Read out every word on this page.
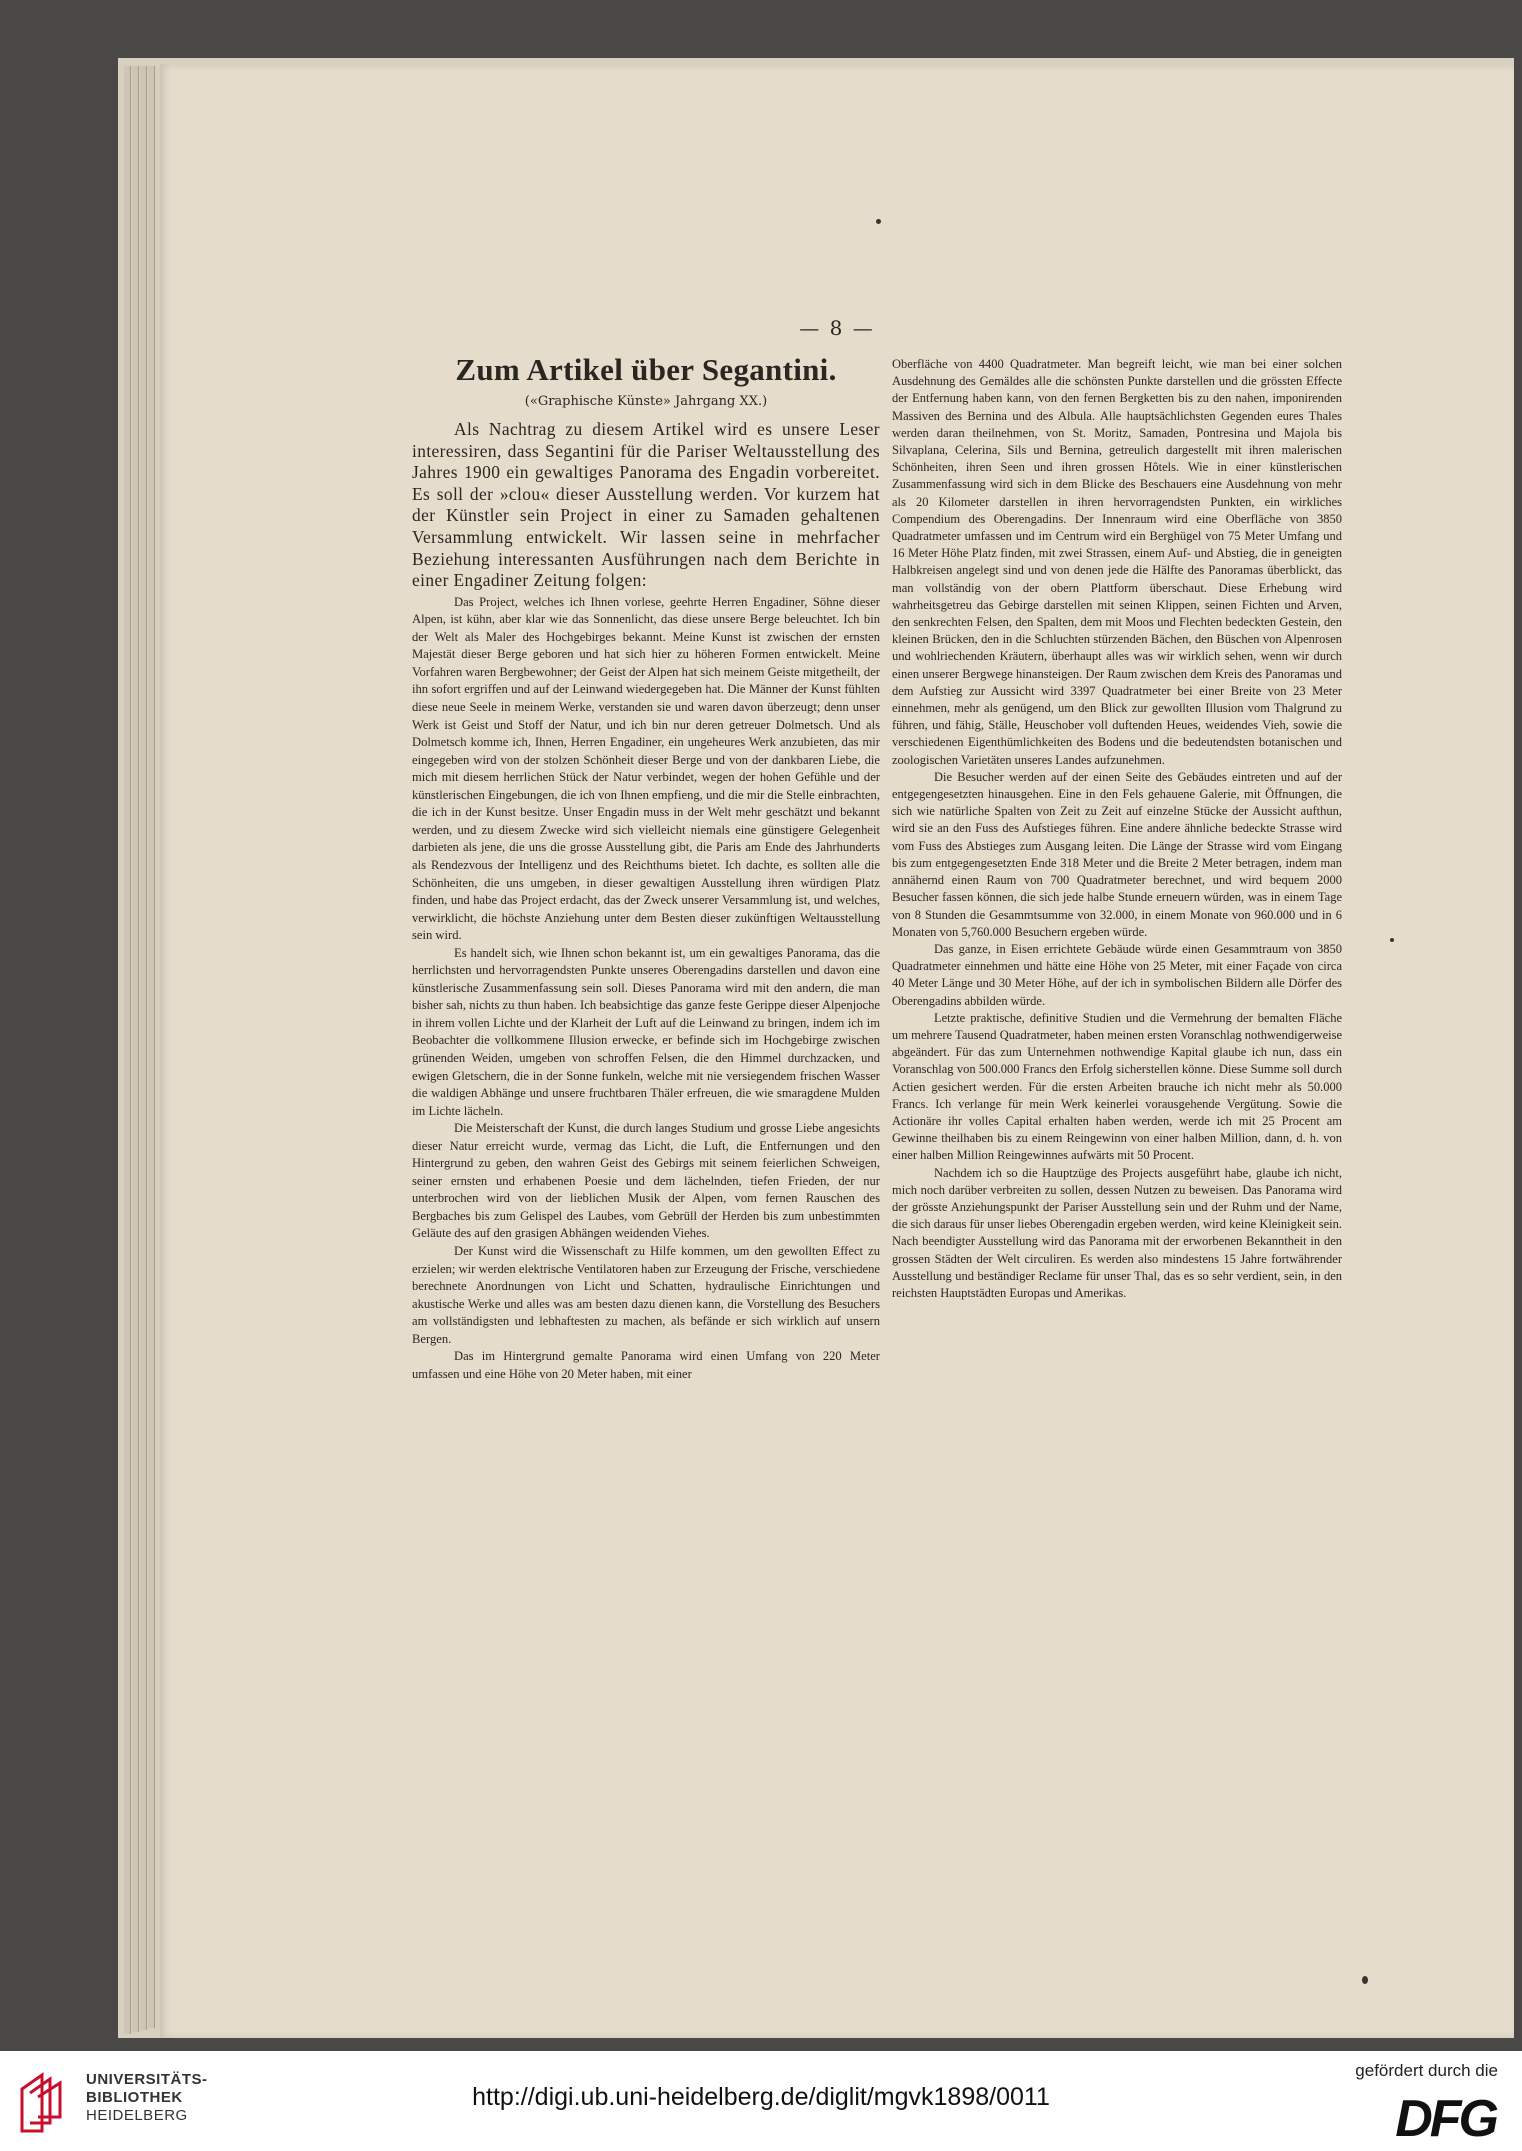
— 8 —
Zum Artikel über Segantini.

(«Graphische Künste» Jahrgang XX.)

Als Nachtrag zu diesem Artikel wird es unsere Leser interessiren, dass Segantini für die Pariser Weltausstellung des Jahres 1900 ein gewaltiges Panorama des Engadin vorbereitet. Es soll der »clou« dieser Ausstellung werden. Vor kurzem hat der Künstler sein Project in einer zu Samaden gehaltenen Versammlung entwickelt. Wir lassen seine in mehrfacher Beziehung interessanten Ausführungen nach dem Berichte in einer Engadiner Zeitung folgen:

Das Project, welches ich Ihnen vorlese, geehrte Herren Engadiner, Söhne dieser Alpen, ist kühn, aber klar wie das Sonnenlicht, das diese unsere Berge beleuchtet. Ich bin der Welt als Maler des Hochgebirges bekannt. Meine Kunst ist zwischen der ernsten Majestät dieser Berge geboren und hat sich hier zu höheren Formen entwickelt. Meine Vorfahren waren Bergbewohner; der Geist der Alpen hat sich meinem Geiste mitgetheilt, der ihn sofort ergriffen und auf der Leinwand wiedergegeben hat. Die Männer der Kunst fühlten diese neue Seele in meinem Werke, verstanden sie und waren davon überzeugt; denn unser Werk ist Geist und Stoff der Natur, und ich bin nur deren getreuer Dolmetsch. Und als Dolmetsch komme ich, Ihnen, Herren Engadiner, ein ungeheures Werk anzubieten, das mir eingegeben wird von der stolzen Schönheit dieser Berge und von der dankbaren Liebe, die mich mit diesem herrlichen Stück der Natur verbindet, wegen der hohen Gefühle und der künstlerischen Eingebungen, die ich von Ihnen empfieng, und die mir die Stelle einbrachten, die ich in der Kunst besitze. Unser Engadin muss in der Welt mehr geschätzt und bekannt werden, und zu diesem Zwecke wird sich vielleicht niemals eine günstigere Gelegenheit darbieten als jene, die uns die grosse Ausstellung gibt, die Paris am Ende des Jahrhunderts als Rendezvous der Intelligenz und des Reichthums bietet. Ich dachte, es sollten alle die Schönheiten, die uns umgeben, in dieser gewaltigen Ausstellung ihren würdigen Platz finden, und habe das Project erdacht, das der Zweck unserer Versammlung ist, und welches, verwirklicht, die höchste Anziehung unter dem Besten dieser zukünftigen Weltausstellung sein wird.

Es handelt sich, wie Ihnen schon bekannt ist, um ein gewaltiges Panorama, das die herrlichsten und hervorragendsten Punkte unseres Oberengadins darstellen und davon eine künstlerische Zusammenfassung sein soll. Dieses Panorama wird mit den andern, die man bisher sah, nichts zu thun haben. Ich beabsichtige das ganze feste Gerippe dieser Alpenjoche in ihrem vollen Lichte und der Klarheit der Luft auf die Leinwand zu bringen, indem ich im Beobachter die vollkommene Illusion erwecke, er befinde sich im Hochgebirge zwischen grünenden Weiden, umgeben von schroffen Felsen, die den Himmel durchzacken, und ewigen Gletschern, die in der Sonne funkeln, welche mit nie versiegendem frischen Wasser die waldigen Abhänge und unsere fruchtbaren Thäler erfreuen, die wie smaragdene Mulden im Lichte lächeln.

Die Meisterschaft der Kunst, die durch langes Studium und grosse Liebe angesichts dieser Natur erreicht wurde, vermag das Licht, die Luft, die Entfernungen und den Hintergrund zu geben, den wahren Geist des Gebirgs mit seinem feierlichen Schweigen, seiner ernsten und erhabenen Poesie und dem lächelnden, tiefen Frieden, der nur unterbrochen wird von der lieblichen Musik der Alpen, vom fernen Rauschen des Bergbaches bis zum Gelispel des Laubes, vom Gebrüll der Herden bis zum unbestimmten Geläute des auf den grasigen Abhängen weidenden Viehes.

Der Kunst wird die Wissenschaft zu Hilfe kommen, um den gewollten Effect zu erzielen; wir werden elektrische Ventilatoren haben zur Erzeugung der Frische, verschiedene berechnete Anordnungen von Licht und Schatten, hydraulische Einrichtungen und akustische Werke und alles was am besten dazu dienen kann, die Vorstellung des Besuchers am vollständigsten und lebhaftesten zu machen, als befände er sich wirklich auf unsern Bergen.

Das im Hintergrund gemalte Panorama wird einen Umfang von 220 Meter umfassen und eine Höhe von 20 Meter haben, mit einer

Oberfläche von 4400 Quadratmeter. Man begreift leicht, wie man bei einer solchen Ausdehnung des Gemäldes alle die schönsten Punkte darstellen und die grössten Effecte der Entfernung haben kann, von den fernen Bergketten bis zu den nahen, imponirenden Massiven des Bernina und des Albula. Alle hauptsächlichsten Gegenden eures Thales werden daran theilnehmen, von St. Moritz, Samaden, Pontresina und Majola bis Silvaplana, Celerina, Sils und Bernina, getreulich dargestellt mit ihren malerischen Schönheiten, ihren Seen und ihren grossen Hôtels. Wie in einer künstlerischen Zusammenfassung wird sich in dem Blicke des Beschauers eine Ausdehnung von mehr als 20 Kilometer darstellen in ihren hervorragendsten Punkten, ein wirkliches Compendium des Oberengadins. Der Innenraum wird eine Oberfläche von 3850 Quadratmeter umfassen und im Centrum wird ein Berghügel von 75 Meter Umfang und 16 Meter Höhe Platz finden, mit zwei Strassen, einem Auf- und Abstieg, die in geneigten Halbkreisen angelegt sind und von denen jede die Hälfte des Panoramas überblickt, das man vollständig von der obern Plattform überschaut. Diese Erhebung wird wahrheitsgetreu das Gebirge darstellen mit seinen Klippen, seinen Fichten und Arven, den senkrechten Felsen, den Spalten, dem mit Moos und Flechten bedeckten Gestein, den kleinen Brücken, den in die Schluchten stürzenden Bächen, den Büschen von Alpenrosen und wohlriechenden Kräutern, überhaupt alles was wir wirklich sehen, wenn wir durch einen unserer Bergwege hinansteigen. Der Raum zwischen dem Kreis des Panoramas und dem Aufstieg zur Aussicht wird 3397 Quadratmeter bei einer Breite von 23 Meter einnehmen, mehr als genügend, um den Blick zur gewollten Illusion vom Thalgrund zu führen, und fähig, Ställe, Heuschober voll duftenden Heues, weidendes Vieh, sowie die verschiedenen Eigenthümlichkeiten des Bodens und die bedeutendsten botanischen und zoologischen Varietäten unseres Landes aufzunehmen.

Die Besucher werden auf der einen Seite des Gebäudes eintreten und auf der entgegengesetzten hinausgehen. Eine in den Fels gehauene Galerie, mit Öffnungen, die sich wie natürliche Spalten von Zeit zu Zeit auf einzelne Stücke der Aussicht aufthun, wird sie an den Fuss des Aufstieges führen. Eine andere ähnliche bedeckte Strasse wird vom Fuss des Abstieges zum Ausgang leiten. Die Länge der Strasse wird vom Eingang bis zum entgegengesetzten Ende 318 Meter und die Breite 2 Meter betragen, indem man annähernd einen Raum von 700 Quadratmeter berechnet, und wird bequem 2000 Besucher fassen können, die sich jede halbe Stunde erneuern würden, was in einem Tage von 8 Stunden die Gesammtsumme von 32.000, in einem Monate von 960.000 und in 6 Monaten von 5,760.000 Besuchern ergeben würde.

Das ganze, in Eisen errichtete Gebäude würde einen Gesammtraum von 3850 Quadratmeter einnehmen und hätte eine Höhe von 25 Meter, mit einer Façade von circa 40 Meter Länge und 30 Meter Höhe, auf der ich in symbolischen Bildern alle Dörfer des Oberengadins abbilden würde.

Letzte praktische, definitive Studien und die Vermehrung der bemalten Fläche um mehrere Tausend Quadratmeter, haben meinen ersten Voranschlag nothwendigerweise abgeändert. Für das zum Unternehmen nothwendige Kapital glaube ich nun, dass ein Voranschlag von 500.000 Francs den Erfolg sicherstellen könne. Diese Summe soll durch Actien gesichert werden. Für die ersten Arbeiten brauche ich nicht mehr als 50.000 Francs. Ich verlange für mein Werk keinerlei vorausgehende Vergütung. Sowie die Actionäre ihr volles Capital erhalten haben werden, werde ich mit 25 Procent am Gewinne theilhaben bis zu einem Reingewinn von einer halben Million, dann, d. h. von einer halben Million Reingewinnes aufwärts mit 50 Procent.

Nachdem ich so die Hauptzüge des Projects ausgeführt habe, glaube ich nicht, mich noch darüber verbreiten zu sollen, dessen Nutzen zu beweisen. Das Panorama wird der grösste Anziehungspunkt der Pariser Ausstellung sein und der Ruhm und der Name, die sich daraus für unser liebes Oberengadin ergeben werden, wird keine Kleinigkeit sein. Nach beendigter Ausstellung wird das Panorama mit der erworbenen Bekanntheit in den grossen Städten der Welt circuliren. Es werden also mindestens 15 Jahre fortwährender Ausstellung und beständiger Reclame für unser Thal, das es so sehr verdient, sein, in den reichsten Hauptstädten Europas und Amerikas.

UNIVERSITÄTS-
BIBLIOTHEK
HEIDELBERG
http://digi.ub.uni-heidelberg.de/diglit/mgvk1898/0011
gefördert durch die
DFG
